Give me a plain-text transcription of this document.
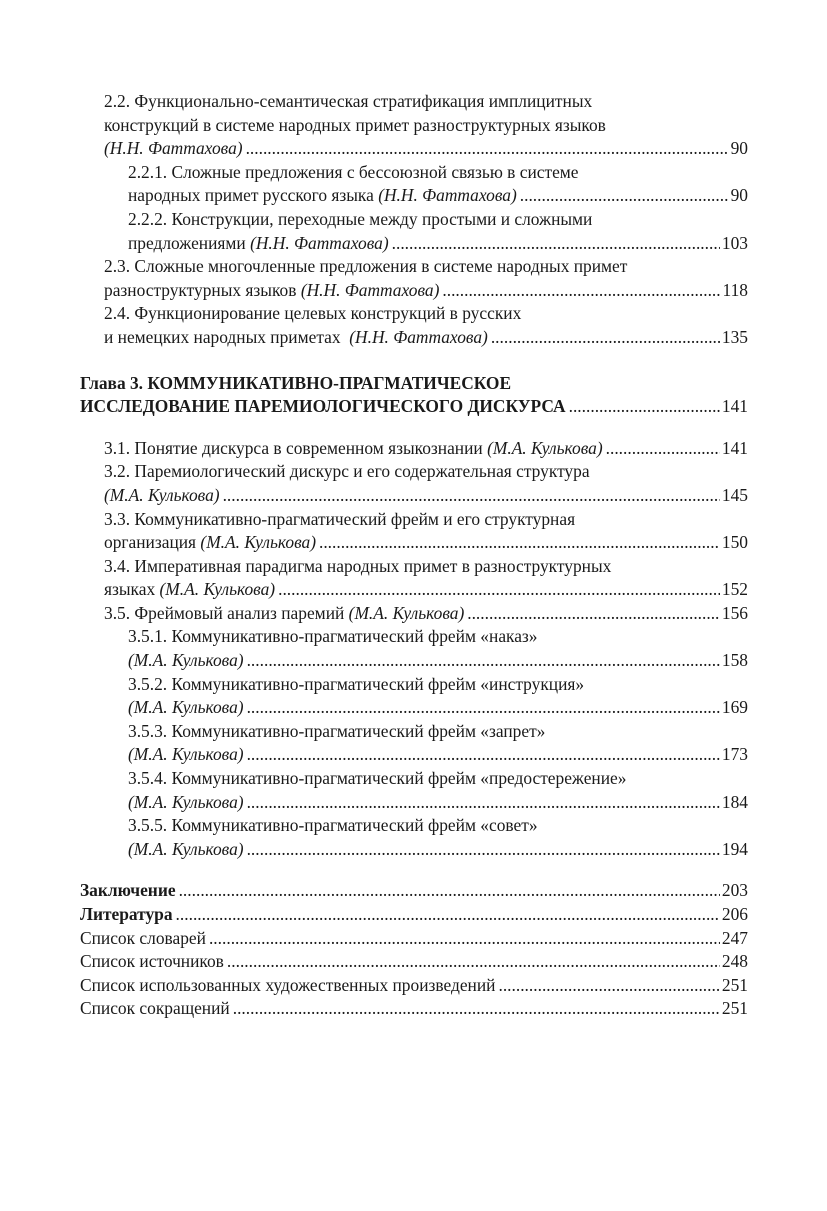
2.2. Функционально-семантическая стратификация имплицитных
конструкций в системе народных примет разноструктурных языков
(Н.Н. Фаттахова) .....	90
2.2.1. Сложные предложения с бессоюзной связью в системе
народных примет русского языка (Н.Н. Фаттахова) .....	90
2.2.2. Конструкции, переходные между простыми и сложными
предложениями (Н.Н. Фаттахова) .....	103
2.3. Сложные многочленные предложения в системе народных примет
разноструктурных языков (Н.Н. Фаттахова) .....	118
2.4. Функционирование целевых конструкций в русских
и немецких народных приметах  (Н.Н. Фаттахова) .....	135
Глава 3. КОММУНИКАТИВНО-ПРАГМАТИЧЕСКОЕ
ИССЛЕДОВАНИЕ ПАРЕМИОЛОГИЧЕСКОГО ДИСКУРСА .....	141
3.1. Понятие дискурса в современном языкознании (М.А. Кулькова) .....	141
3.2. Паремиологический дискурс и его содержательная структура
(М.А. Кулькова) .....	145
3.3. Коммуникативно-прагматический фрейм и его структурная
организация (М.А. Кулькова) .....	150
3.4. Императивная парадигма народных примет в разноструктурных
языках (М.А. Кулькова) .....	152
3.5. Фреймовый анализ паремий (М.А. Кулькова) .....	156
3.5.1. Коммуникативно-прагматический фрейм «наказ»
(М.А. Кулькова) .....	158
3.5.2. Коммуникативно-прагматический фрейм «инструкция»
(М.А. Кулькова) .....	169
3.5.3. Коммуникативно-прагматический фрейм «запрет»
(М.А. Кулькова) .....	173
3.5.4. Коммуникативно-прагматический фрейм «предостережение»
(М.А. Кулькова) .....	184
3.5.5. Коммуникативно-прагматический фрейм «совет»
(М.А. Кулькова) .....	194
Заключение .....	203
Литература .....	206
Список словарей .....	247
Список источников .....	248
Список использованных художественных произведений .....	251
Список сокращений .....	251
